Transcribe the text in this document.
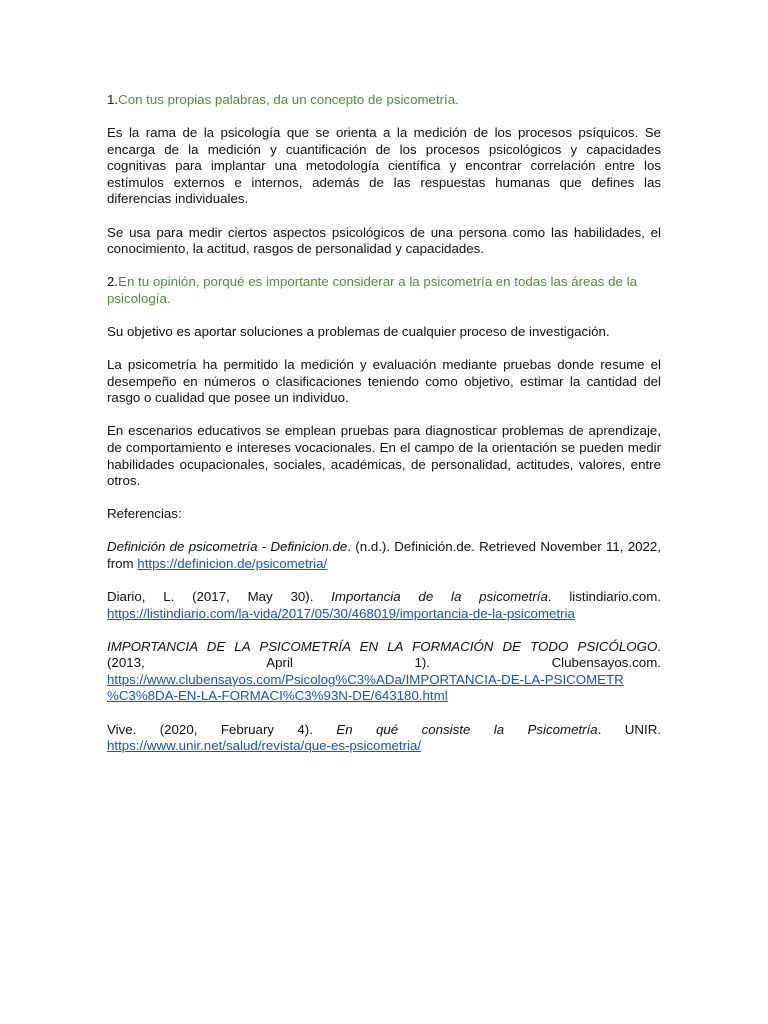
1.Con tus propias palabras, da un concepto de psicometría.

Es la rama de la psicología que se orienta a la medición de los procesos psíquicos. Se encarga de la medición y cuantificación de los procesos psicológicos y capacidades cognitivas para implantar una metodología científica y encontrar correlación entre los estímulos externos e internos, además de las respuestas humanas que defines las diferencias individuales.

Se usa para medir ciertos aspectos psicológicos de una persona como las habilidades, el conocimiento, la actitud, rasgos de personalidad y capacidades.

2.En tu opinión, porqué es importante considerar a la psicometría en todas las áreas de la psicología.

Su objetivo es aportar soluciones a problemas de cualquier proceso de investigación.

La psicometría ha permitido la medición y evaluación mediante pruebas donde resume el desempeño en números o clasificaciones teniendo como objetivo, estimar la cantidad del rasgo o cualidad que posee un individuo.

En escenarios educativos se emplean pruebas para diagnosticar problemas de aprendizaje, de comportamiento e intereses vocacionales. En el campo de la orientación se pueden medir habilidades ocupacionales, sociales, académicas, de personalidad, actitudes, valores, entre otros.

Referencias:

Definición de psicometría - Definicion.de. (n.d.). Definición.de. Retrieved November 11, 2022, from https://definicion.de/psicometria/

Diario, L. (2017, May 30). Importancia de la psicometría. listindiario.com.
https://listindiario.com/la-vida/2017/05/30/468019/importancia-de-la-psicometria

IMPORTANCIA DE LA PSICOMETRÍA EN LA FORMACIÓN DE TODO PSICÓLOGO.
(2013,	April	1).	Clubensayos.com.
https://www.clubensayos.com/Psicolog%C3%ADa/IMPORTANCIA-DE-LA-PSICOMETR
%C3%8DA-EN-LA-FORMACI%C3%93N-DE/643180.html

Vive. (2020, February 4). En qué consiste la Psicometría. UNIR.
https://www.unir.net/salud/revista/que-es-psicometria/
